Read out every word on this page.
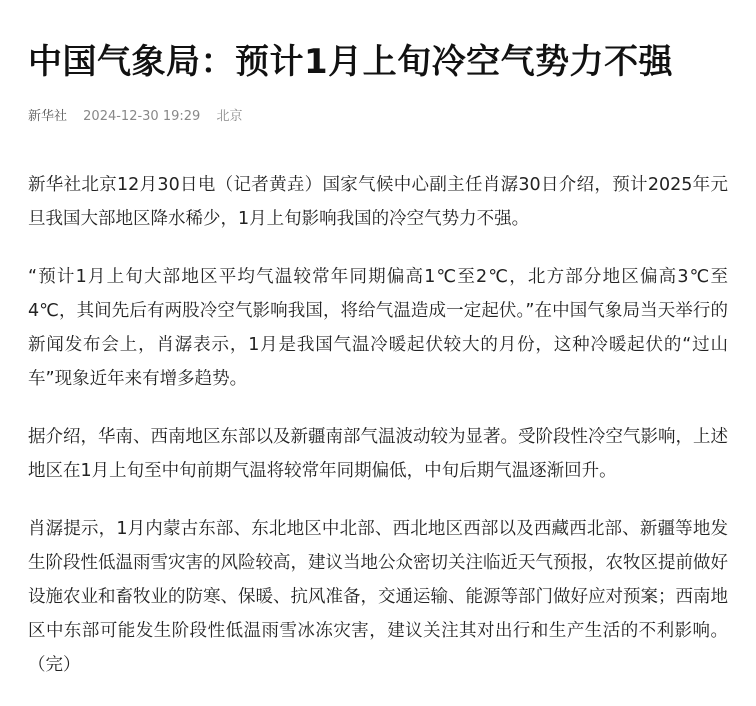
中国气象局：预计1月上旬冷空气势力不强
新华社 2024-12-30 19:29 北京

新华社北京12月30日电（记者黄垚）国家气候中心副主任肖潺30日介绍，预计2025年元旦我国大部地区降水稀少，1月上旬影响我国的冷空气势力不强。

“预计1月上旬大部地区平均气温较常年同期偏高1℃至2℃，北方部分地区偏高3℃至4℃，其间先后有两股冷空气影响我国，将给气温造成一定起伏。”在中国气象局当天举行的新闻发布会上，肖潺表示，1月是我国气温冷暖起伏较大的月份，这种冷暖起伏的“过山车”现象近年来有增多趋势。

据介绍，华南、西南地区东部以及新疆南部气温波动较为显著。受阶段性冷空气影响，上述地区在1月上旬至中旬前期气温将较常年同期偏低，中旬后期气温逐渐回升。

肖潺提示，1月内蒙古东部、东北地区中北部、西北地区西部以及西藏西北部、新疆等地发生阶段性低温雨雪灾害的风险较高，建议当地公众密切关注临近天气预报，农牧区提前做好设施农业和畜牧业的防寒、保暖、抗风准备，交通运输、能源等部门做好应对预案；西南地区中东部可能发生阶段性低温雨雪冰冻灾害，建议关注其对出行和生产生活的不利影响。（完）
